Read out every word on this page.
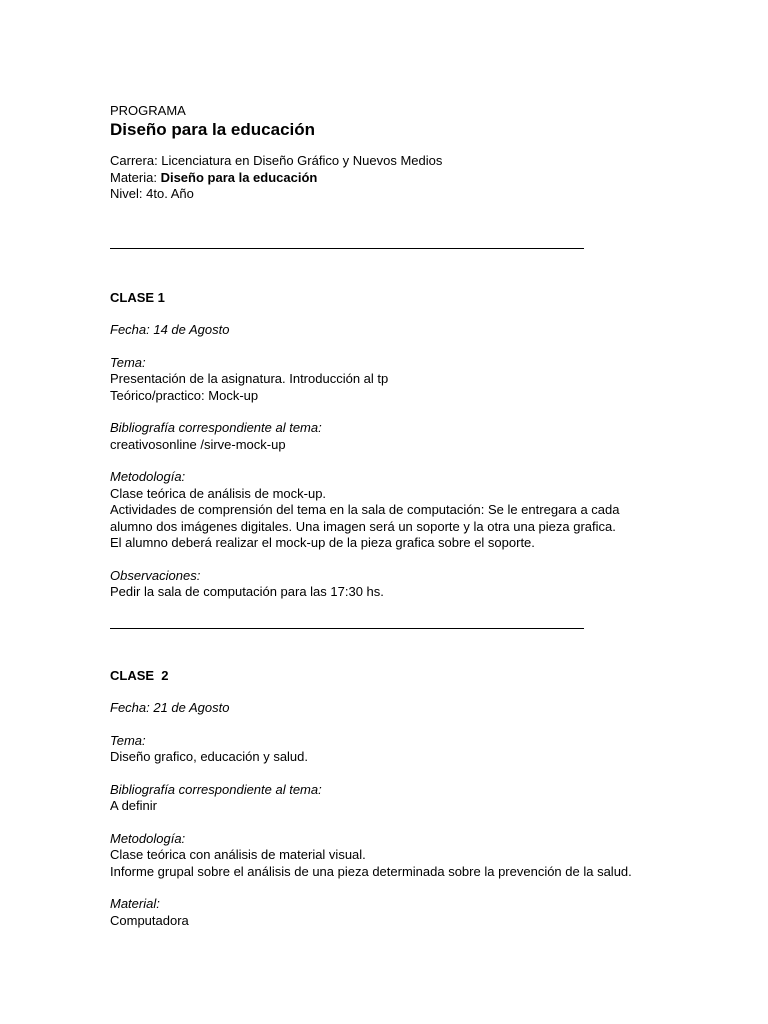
PROGRAMA
Diseño para la educación
Carrera: Licenciatura en Diseño Gráfico y Nuevos Medios
Materia: Diseño para la educación
Nivel: 4to. Año
CLASE 1
Fecha: 14 de Agosto
Tema:
Presentación de la asignatura. Introducción al tp
Teórico/practico: Mock-up
Bibliografía correspondiente al tema:
creativosonline /sirve-mock-up
Metodología:
Clase teórica de análisis de mock-up.
Actividades de comprensión del tema en la sala de computación: Se le entregara a cada
alumno dos imágenes digitales. Una imagen será un soporte y la otra una pieza grafica.
El alumno deberá realizar el mock-up de la pieza grafica sobre el soporte.
Observaciones:
Pedir la sala de computación para las 17:30 hs.
CLASE  2
Fecha: 21 de Agosto
Tema:
Diseño grafico, educación y salud.
Bibliografía correspondiente al tema:
A definir
Metodología:
Clase teórica con análisis de material visual.
Informe grupal sobre el análisis de una pieza determinada sobre la prevención de la salud.
Material:
Computadora
